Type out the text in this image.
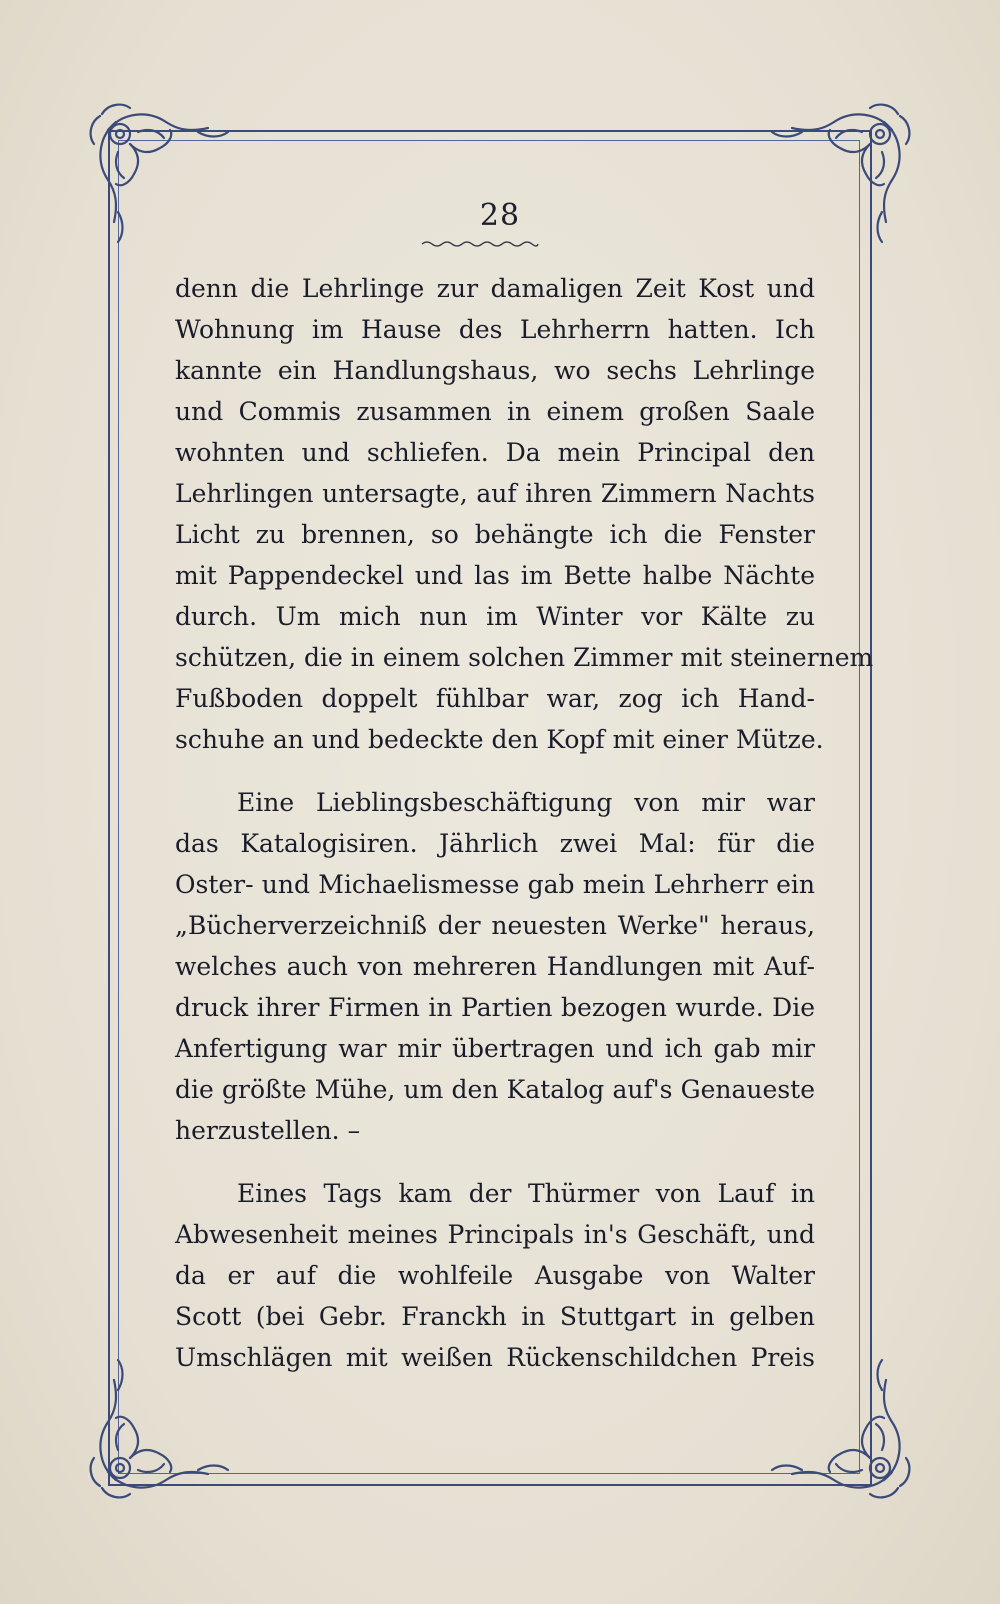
28
denn die Lehrlinge zur damaligen Zeit Kost und
Wohnung im Hause des Lehrherrn hatten. Ich
kannte ein Handlungshaus, wo sechs Lehrlinge
und Commis zusammen in einem großen Saale
wohnten und schliefen. Da mein Principal den
Lehrlingen untersagte, auf ihren Zimmern Nachts
Licht zu brennen, so behängte ich die Fenster
mit Pappendeckel und las im Bette halbe Nächte
durch. Um mich nun im Winter vor Kälte zu
schützen, die in einem solchen Zimmer mit steinernem
Fußboden doppelt fühlbar war, zog ich Hand-
schuhe an und bedeckte den Kopf mit einer Mütze.
Eine Lieblingsbeschäftigung von mir war
das Katalogisiren. Jährlich zwei Mal: für die
Oster- und Michaelismesse gab mein Lehrherr ein
„Bücherverzeichniß der neuesten Werke" heraus,
welches auch von mehreren Handlungen mit Auf-
druck ihrer Firmen in Partien bezogen wurde. Die
Anfertigung war mir übertragen und ich gab mir
die größte Mühe, um den Katalog auf's Genaueste
herzustellen. –
Eines Tags kam der Thürmer von Lauf in
Abwesenheit meines Principals in's Geschäft, und
da er auf die wohlfeile Ausgabe von Walter
Scott (bei Gebr. Franckh in Stuttgart in gelben
Umschlägen mit weißen Rückenschildchen Preis
